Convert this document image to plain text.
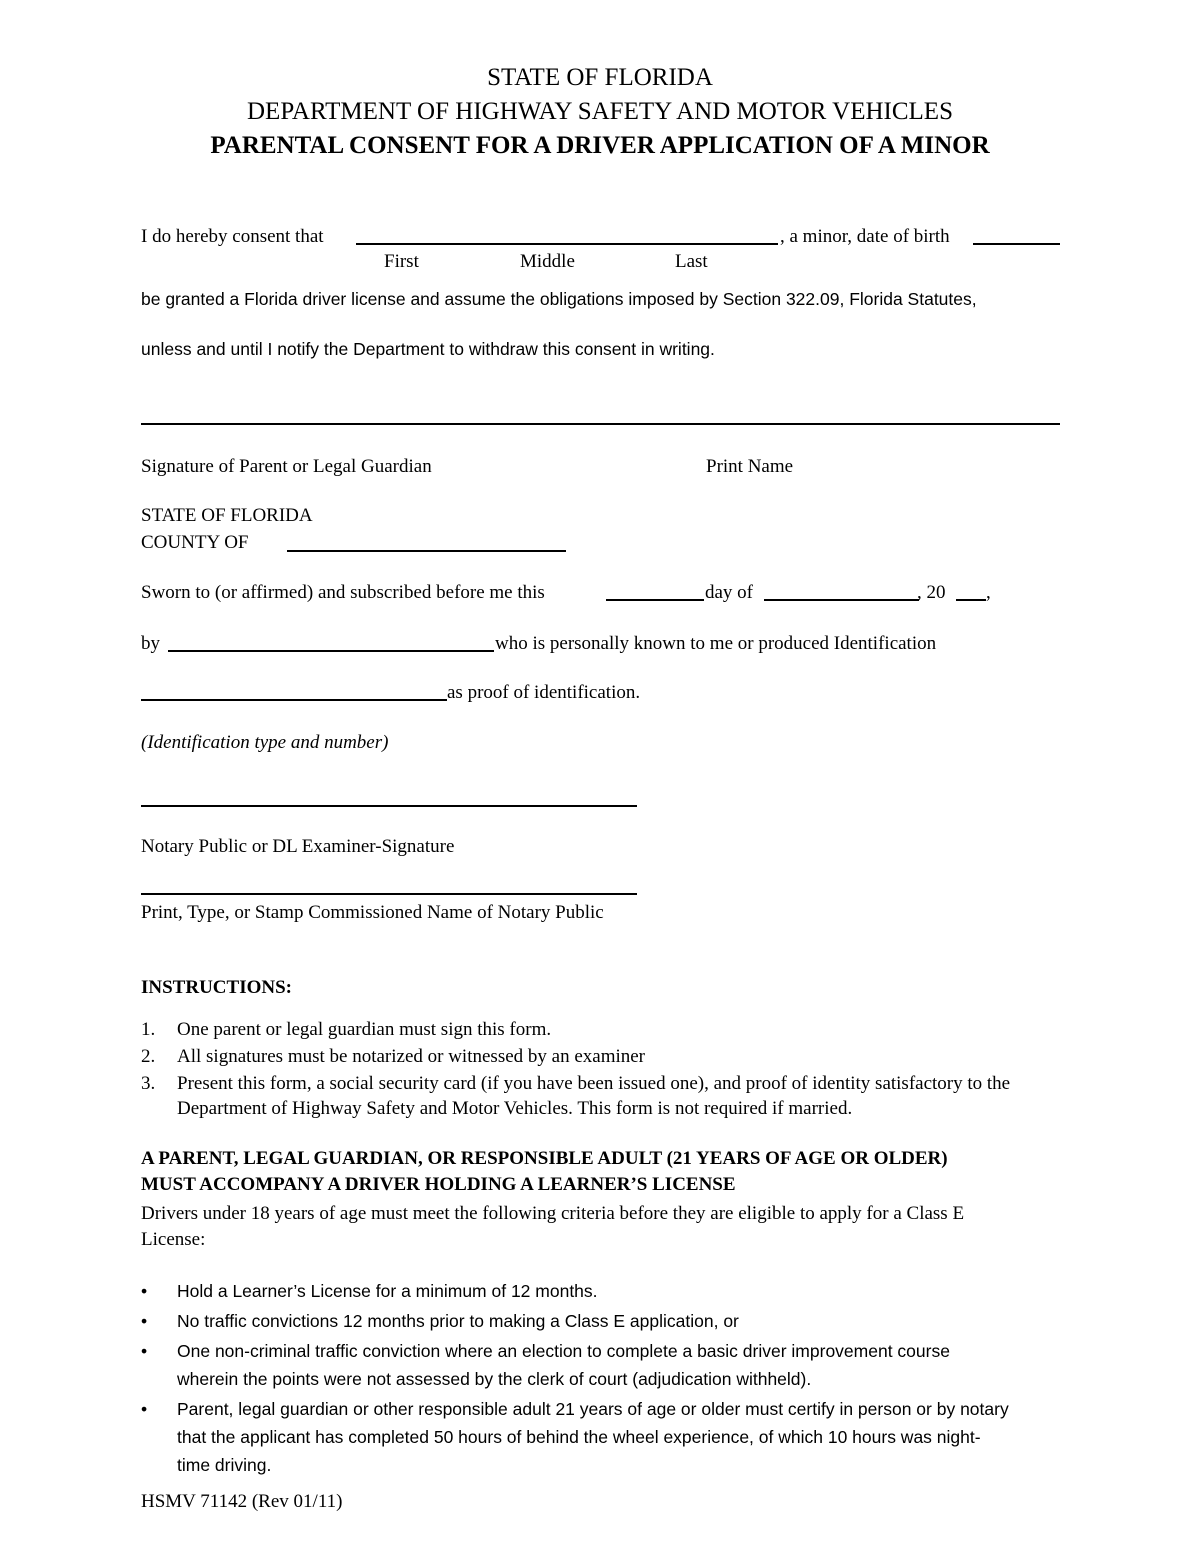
STATE OF FLORIDA
DEPARTMENT OF HIGHWAY SAFETY AND MOTOR VEHICLES
PARENTAL CONSENT FOR A DRIVER APPLICATION OF A MINOR
I do hereby consent that	, a minor, date of birth
First	Middle	Last
be granted a Florida driver license and assume the obligations imposed by Section 322.09, Florida Statutes,
unless and until I notify the Department to withdraw this consent in writing.
Signature of Parent or Legal Guardian	Print Name
STATE OF FLORIDA
COUNTY OF
Sworn to (or affirmed) and subscribed before me this	day of	, 20 ,
by	who is personally known to me or produced Identification
as proof of identification.
(Identification type and number)
Notary Public or DL Examiner-Signature
Print, Type, or Stamp Commissioned Name of Notary Public
INSTRUCTIONS:
1. One parent or legal guardian must sign this form.
2. All signatures must be notarized or witnessed by an examiner
3. Present this form, a social security card (if you have been issued one), and proof of identity satisfactory to the
Department of Highway Safety and Motor Vehicles. This form is not required if married.
A PARENT, LEGAL GUARDIAN, OR RESPONSIBLE ADULT (21 YEARS OF AGE OR OLDER)
MUST ACCOMPANY A DRIVER HOLDING A LEARNER’S LICENSE
Drivers under 18 years of age must meet the following criteria before they are eligible to apply for a Class E
License:
• Hold a Learner’s License for a minimum of 12 months.
• No traffic convictions 12 months prior to making a Class E application, or
• One non-criminal traffic conviction where an election to complete a basic driver improvement course
wherein the points were not assessed by the clerk of court (adjudication withheld).
• Parent, legal guardian or other responsible adult 21 years of age or older must certify in person or by notary
that the applicant has completed 50 hours of behind the wheel experience, of which 10 hours was night-
time driving.
HSMV 71142 (Rev 01/11)
